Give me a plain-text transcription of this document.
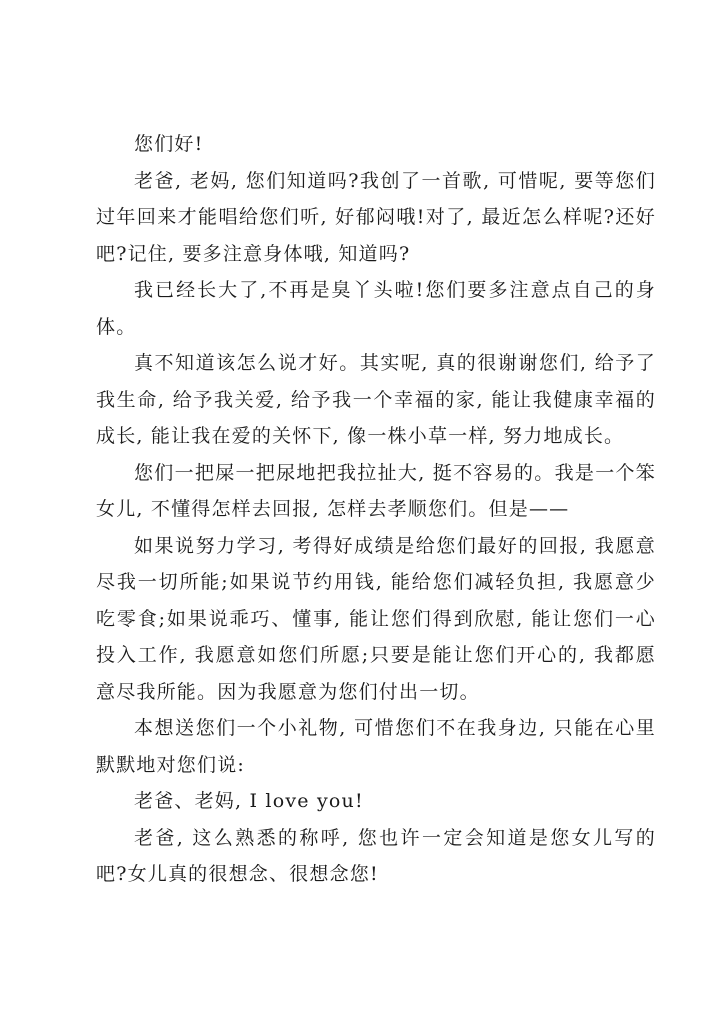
您们好!

老爸, 老妈, 您们知道吗?我创了一首歌, 可惜呢, 要等您们过年回来才能唱给您们听, 好郁闷哦!对了, 最近怎么样呢?还好吧?记住, 要多注意身体哦, 知道吗?

我已经长大了,不再是臭丫头啦!您们要多注意点自己的身体。

真不知道该怎么说才好。其实呢, 真的很谢谢您们, 给予了我生命, 给予我关爱, 给予我一个幸福的家, 能让我健康幸福的成长, 能让我在爱的关怀下, 像一株小草一样, 努力地成长。

您们一把屎一把尿地把我拉扯大, 挺不容易的。我是一个笨女儿, 不懂得怎样去回报, 怎样去孝顺您们。但是——

如果说努力学习, 考得好成绩是给您们最好的回报, 我愿意尽我一切所能;如果说节约用钱, 能给您们减轻负担, 我愿意少吃零食;如果说乖巧、懂事, 能让您们得到欣慰, 能让您们一心投入工作, 我愿意如您们所愿;只要是能让您们开心的, 我都愿意尽我所能。因为我愿意为您们付出一切。

本想送您们一个小礼物, 可惜您们不在我身边, 只能在心里默默地对您们说:

老爸、老妈, I love you!

老爸, 这么熟悉的称呼, 您也许一定会知道是您女儿写的吧?女儿真的很想念、很想念您!
